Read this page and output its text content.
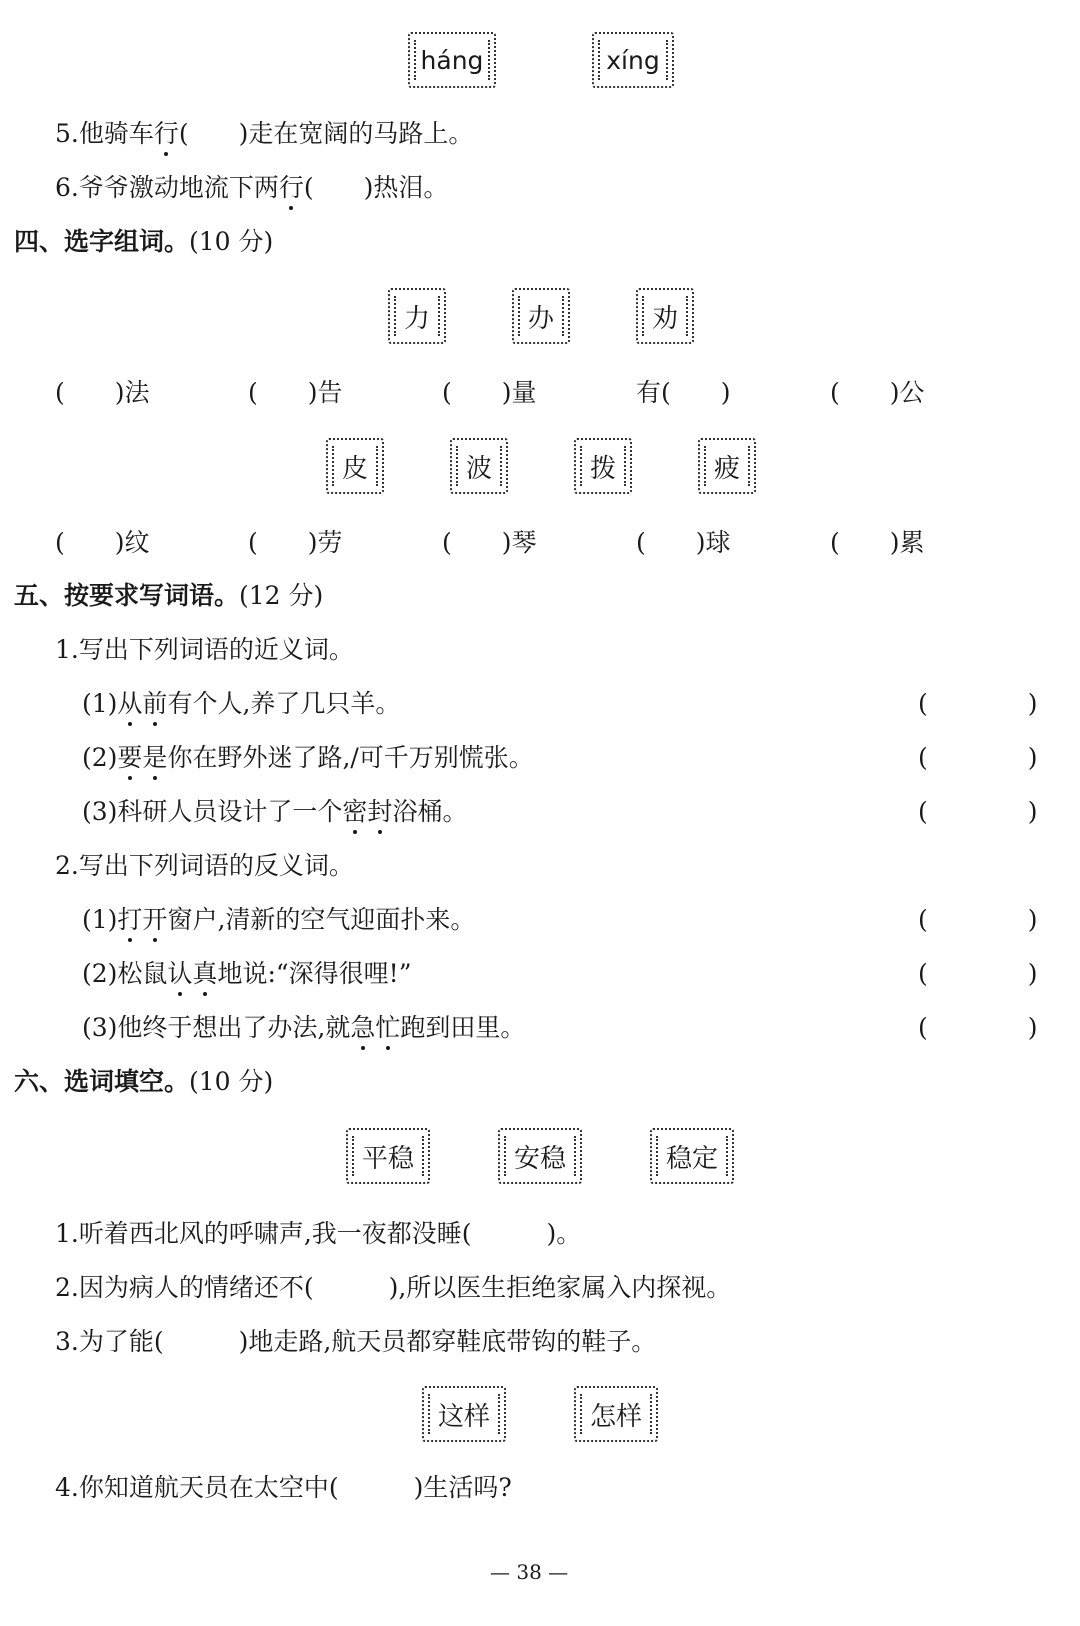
háng	xíng
5.他骑车行(　　)走在宽阔的马路上。
6.爷爷激动地流下两行(　　)热泪。
四、选字组词。(10 分)
力	办	劝
(　　)法	(　　)告	(　　)量	有(　　)	(　　)公
皮	波	拨	疲
(　　)纹	(　　)劳	(　　)琴	(　　)球	(　　)累
五、按要求写词语。(12 分)
1.写出下列词语的近义词。
(1)从前有个人,养了几只羊。	(　　　　)
(2)要是你在野外迷了路,/可千万别慌张。	(　　　　)
(3)科研人员设计了一个密封浴桶。	(　　　　)
2.写出下列词语的反义词。
(1)打开窗户,清新的空气迎面扑来。	(　　　　)
(2)松鼠认真地说:“深得很哩!”	(　　　　)
(3)他终于想出了办法,就急忙跑到田里。	(　　　　)
六、选词填空。(10 分)
平稳	安稳	稳定
1.听着西北风的呼啸声,我一夜都没睡(　　　)。
2.因为病人的情绪还不(　　　),所以医生拒绝家属入内探视。
3.为了能(　　　)地走路,航天员都穿鞋底带钩的鞋子。
这样	怎样
4.你知道航天员在太空中(　　　)生活吗?
— 38 —
